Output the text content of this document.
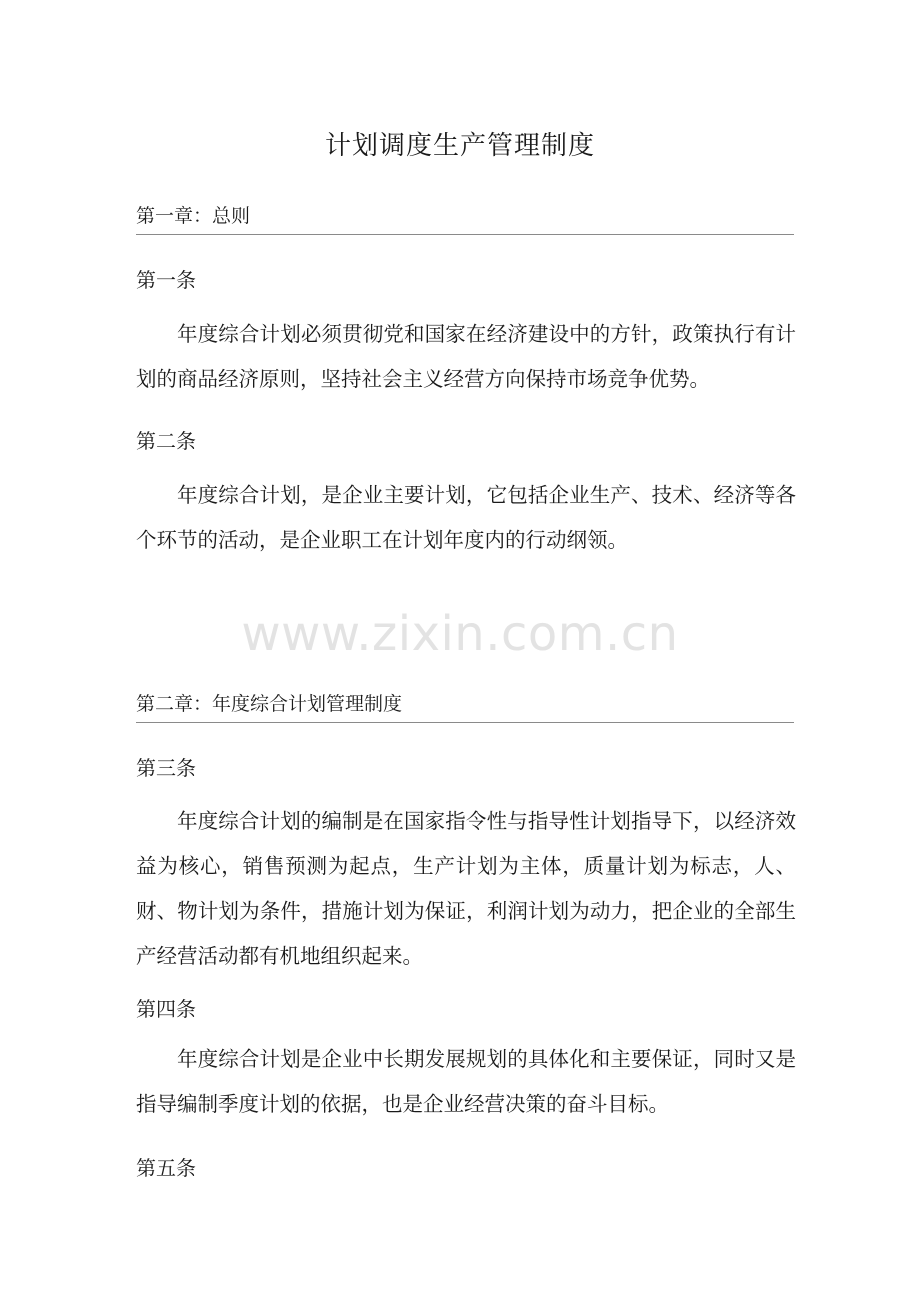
计划调度生产管理制度
第一章：总则
第一条

年度综合计划必须贯彻党和国家在经济建设中的方针，政策执行有计划的商品经济原则，坚持社会主义经营方向保持市场竞争优势。

第二条

年度综合计划，是企业主要计划，它包括企业生产、技术、经济等各个环节的活动，是企业职工在计划年度内的行动纲领。

www.zixin.com.cn
第二章：年度综合计划管理制度
第三条

年度综合计划的编制是在国家指令性与指导性计划指导下，以经济效益为核心，销售预测为起点，生产计划为主体，质量计划为标志，人、财、物计划为条件，措施计划为保证，利润计划为动力，把企业的全部生产经营活动都有机地组织起来。

第四条

年度综合计划是企业中长期发展规划的具体化和主要保证，同时又是指导编制季度计划的依据，也是企业经营决策的奋斗目标。

第五条
